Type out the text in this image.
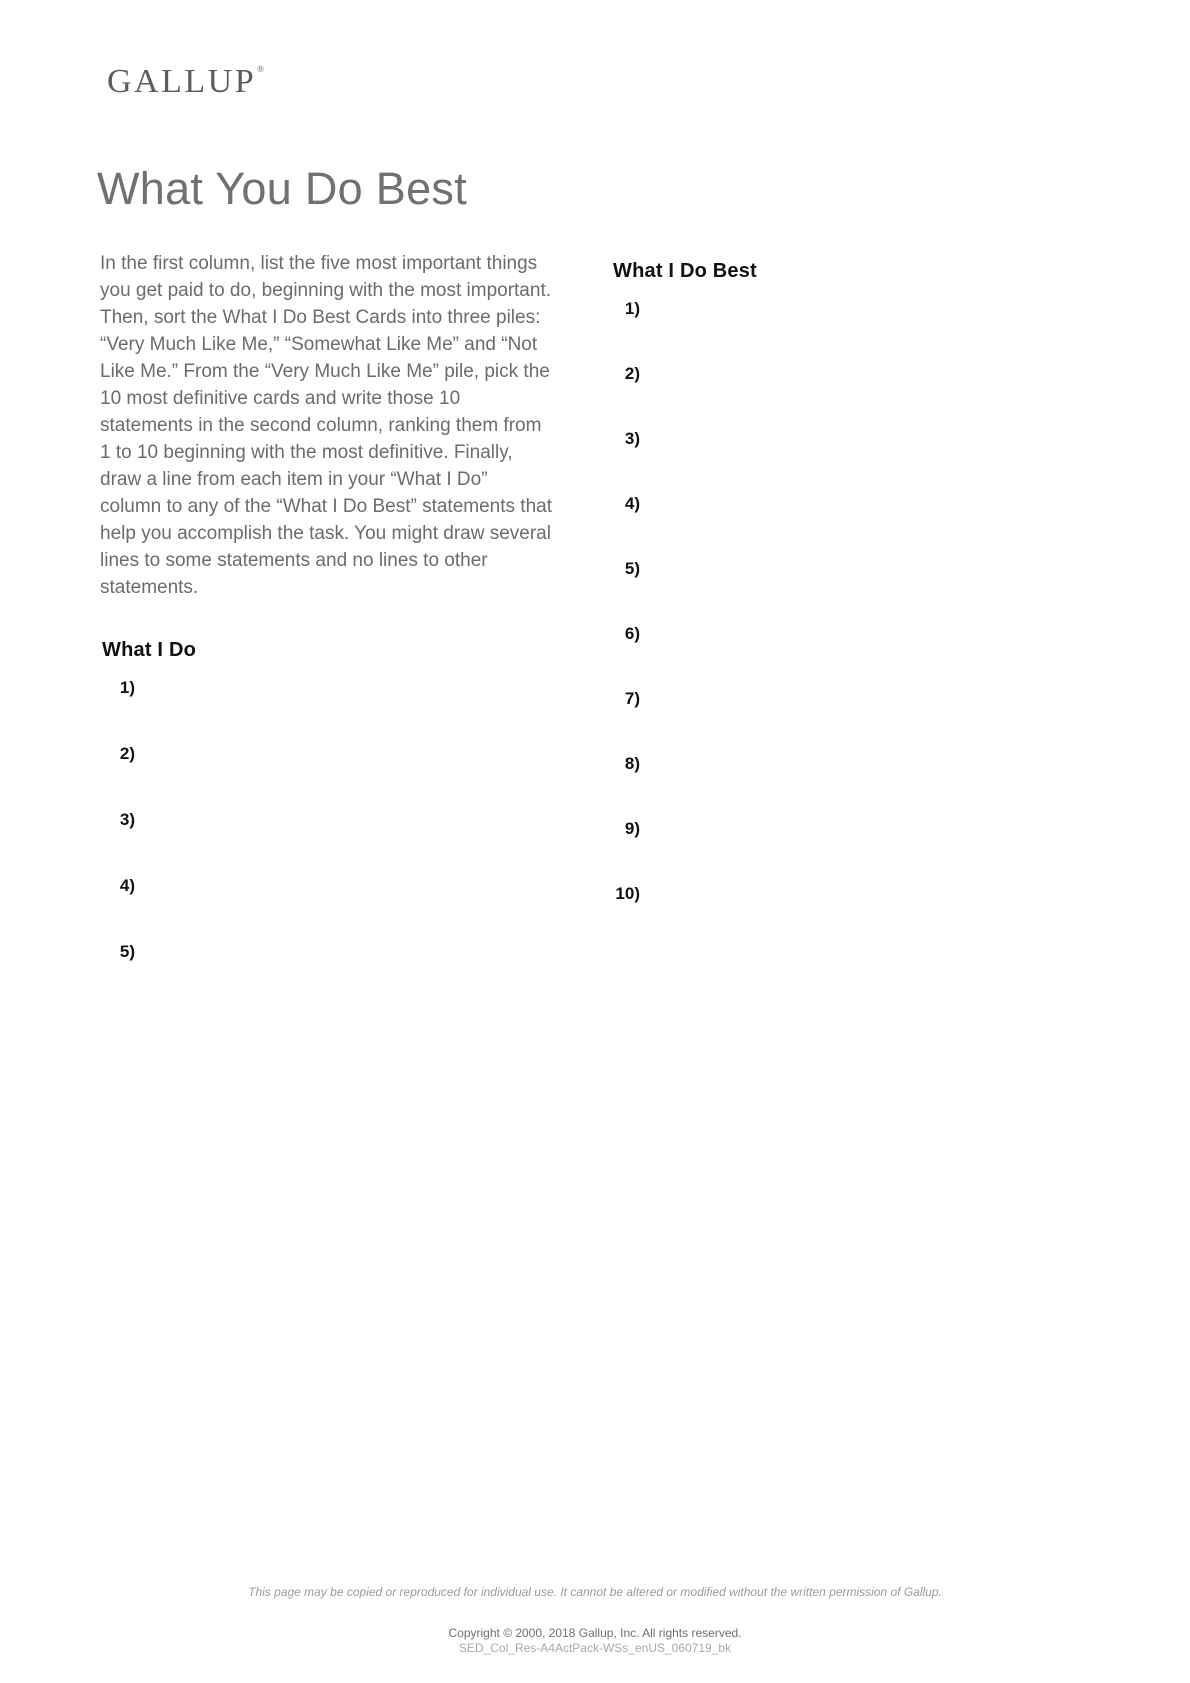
GALLUP®
What You Do Best

In the first column, list the five most important things you get paid to do, beginning with the most important. Then, sort the What I Do Best Cards into three piles: “Very Much Like Me,” “Somewhat Like Me” and “Not Like Me.” From the “Very Much Like Me” pile, pick the 10 most definitive cards and write those 10 statements in the second column, ranking them from 1 to 10 beginning with the most definitive. Finally, draw a line from each item in your “What I Do” column to any of the “What I Do Best” statements that help you accomplish the task. You might draw several lines to some statements and no lines to other statements.

What I Do
1)
2)
3)
4)
5)
What I Do Best
1)
2)
3)
4)
5)
6)
7)
8)
9)
10)
This page may be copied or reproduced for individual use. It cannot be altered or modified without the written permission of Gallup.
Copyright © 2000, 2018 Gallup, Inc. All rights reserved.
SED_Col_Res-A4ActPack-WSs_enUS_060719_bk
